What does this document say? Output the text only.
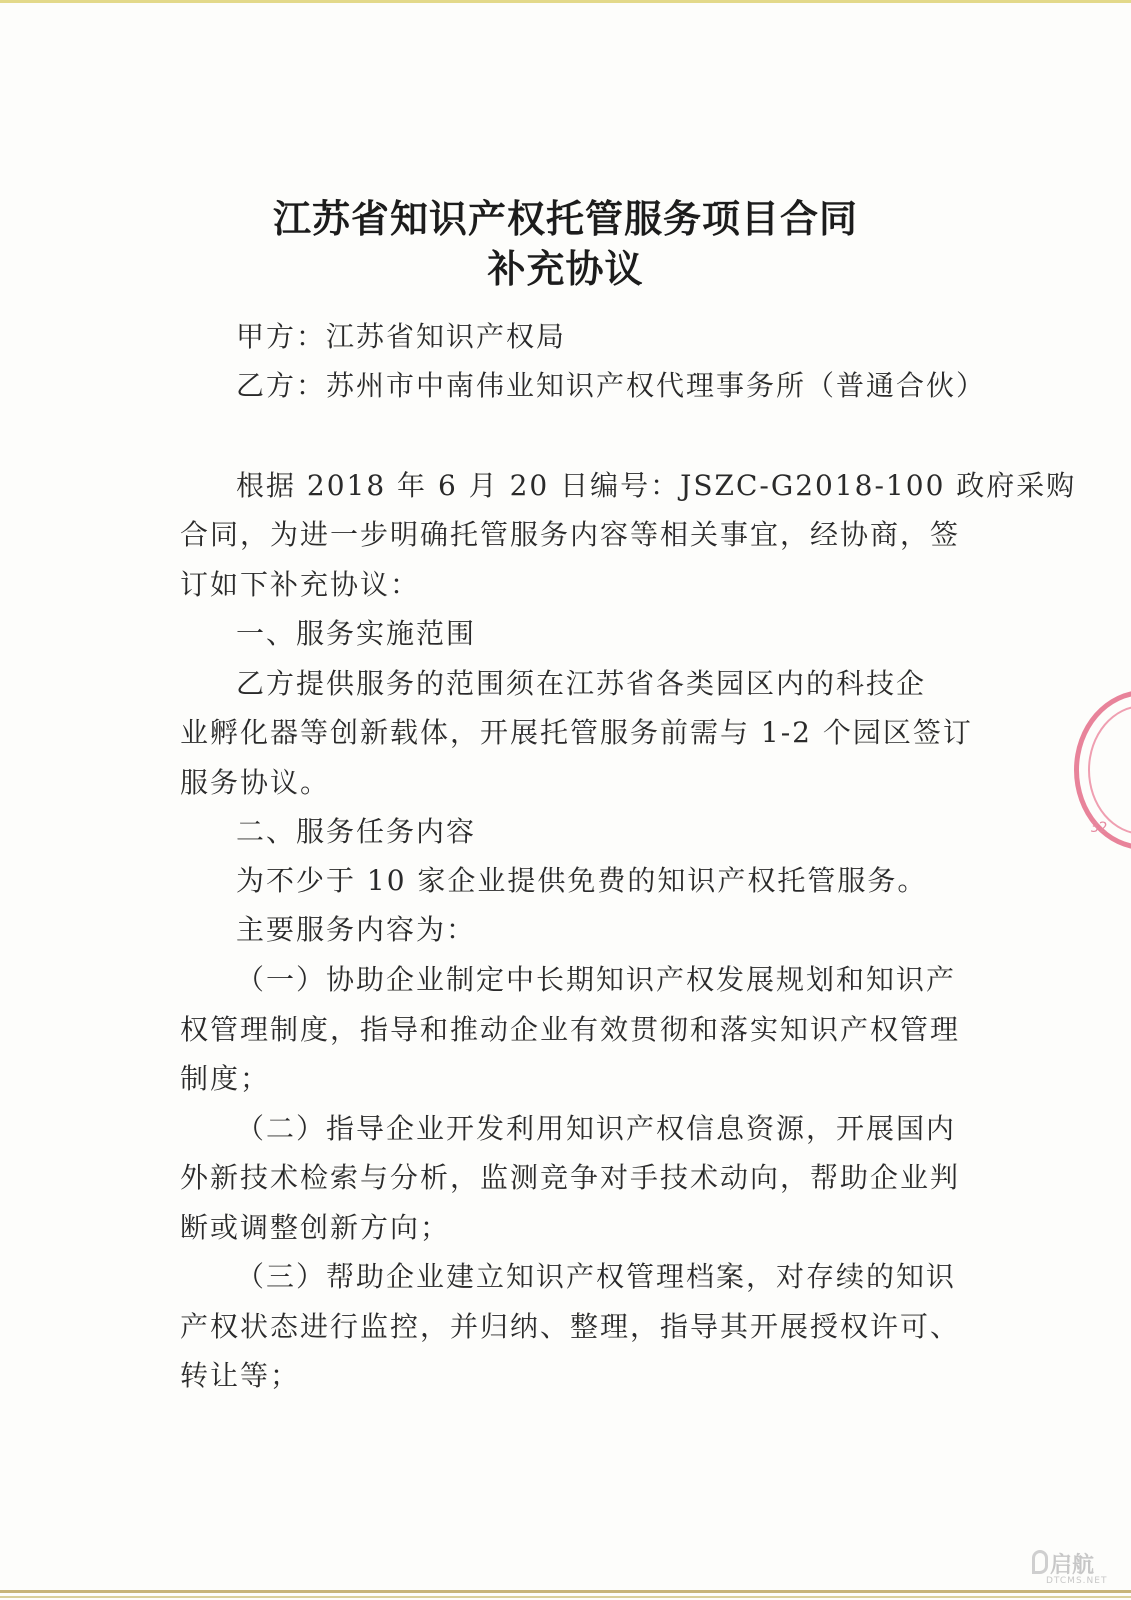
江苏省知识产权托管服务项目合同
补充协议
甲方：江苏省知识产权局
乙方：苏州市中南伟业知识产权代理事务所（普通合伙）
根据 2018 年 6 月 20 日编号：JSZC-G2018-100 政府采购
合同，为进一步明确托管服务内容等相关事宜，经协商，签
订如下补充协议：
一、服务实施范围
乙方提供服务的范围须在江苏省各类园区内的科技企
业孵化器等创新载体，开展托管服务前需与 1-2 个园区签订
服务协议。
二、服务任务内容
为不少于 10 家企业提供免费的知识产权托管服务。
主要服务内容为：
（一）协助企业制定中长期知识产权发展规划和知识产
权管理制度，指导和推动企业有效贯彻和落实知识产权管理
制度；
（二）指导企业开发利用知识产权信息资源，开展国内
外新技术检索与分析，监测竞争对手技术动向，帮助企业判
断或调整创新方向；
（三）帮助企业建立知识产权管理档案，对存续的知识
产权状态进行监控，并归纳、整理，指导其开展授权许可、
转让等；
32
启航
DTCMS.NET
